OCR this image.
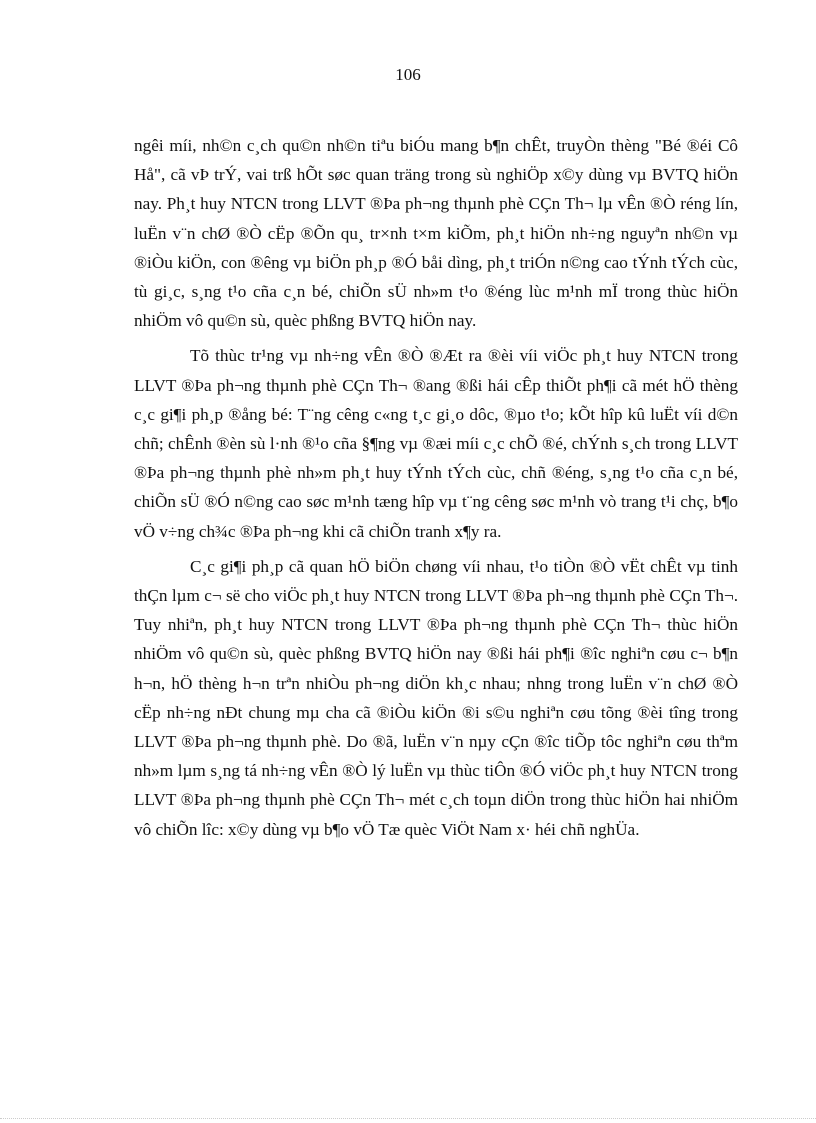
106

ngêi míi, nh©n c¸ch qu©n nh©n tiªu biÓu mang b¶n chÊt, truyÒn thèng "Bé ®éi Cô Hå", cã vÞ trÝ, vai trß hÕt søc quan träng trong sù nghiÖp x©y dùng vµ BVTQ hiÖn nay. Ph¸t huy NTCN trong LLVT ®Þa ph¬ng thµnh phè CÇn Th¬ lµ vÊn ®Ò réng lín, luËn v¨n chØ ®Ò cËp ®Õn qu¸ tr×nh t×m kiÕm, ph¸t hiÖn nh÷ng nguyªn nh©n vµ ®iÒu kiÖn, con ®êng vµ biÖn ph¸p ®Ó båi dìng, ph¸t triÓn n©ng cao tÝnh tÝch cùc, tù gi¸c, s¸ng t¹o cña c¸n bé, chiÕn sÜ nh»m t¹o ®éng lùc m¹nh mÏ trong thùc hiÖn nhiÖm vô qu©n sù, quèc phßng BVTQ hiÖn nay.

Tõ thùc tr¹ng vµ nh÷ng vÊn ®Ò ®Æt ra ®èi víi viÖc ph¸t huy NTCN trong LLVT ®Þa ph¬ng thµnh phè CÇn Th¬ ®ang ®ßi hái cÊp thiÕt ph¶i cã mét hÖ thèng c¸c gi¶i ph¸p ®ång bé: T¨ng cêng c«ng t¸c gi¸o dôc, ®µo t¹o; kÕt hîp kû luËt víi d©n chñ; chÊnh ®èn sù l·nh ®¹o cña §¶ng vµ ®æi míi c¸c chÕ ®é, chÝnh s¸ch trong LLVT ®Þa ph¬ng thµnh phè nh»m ph¸t huy tÝnh tÝch cùc, chñ ®éng, s¸ng t¹o cña c¸n bé, chiÕn sÜ ®Ó n©ng cao søc m¹nh tæng hîp vµ t¨ng cêng søc m¹nh vò trang t¹i chç, b¶o vÖ v÷ng ch¾c ®Þa ph¬ng khi cã chiÕn tranh x¶y ra.

C¸c gi¶i ph¸p cã quan hÖ biÖn chøng víi nhau, t¹o tiÒn ®Ò vËt chÊt vµ tinh thÇn lµm c¬ së cho viÖc ph¸t huy NTCN trong LLVT ®Þa ph¬ng thµnh phè CÇn Th¬. Tuy nhiªn, ph¸t huy NTCN trong LLVT ®Þa ph¬ng thµnh phè CÇn Th¬ thùc hiÖn nhiÖm vô qu©n sù, quèc phßng BVTQ hiÖn nay ®ßi hái ph¶i ®îc nghiªn cøu c¬ b¶n h¬n, hÖ thèng h¬n trªn nhiÒu ph¬ng diÖn kh¸c nhau; nhng trong luËn v¨n chØ ®Ò cËp nh÷ng nÐt chung mµ cha cã ®iÒu kiÖn ®i s©u nghiªn cøu tõng ®èi tîng trong LLVT ®Þa ph¬ng thµnh phè. Do ®ã, luËn v¨n nµy cÇn ®îc tiÕp tôc nghiªn cøu thªm nh»m lµm s¸ng tá nh÷ng vÊn ®Ò lý luËn vµ thùc tiÔn ®Ó viÖc ph¸t huy NTCN trong LLVT ®Þa ph¬ng thµnh phè CÇn Th¬ mét c¸ch toµn diÖn trong thùc hiÖn hai nhiÖm vô chiÕn lîc: x©y dùng vµ b¶o vÖ Tæ quèc ViÖt Nam x· héi chñ nghÜa.
